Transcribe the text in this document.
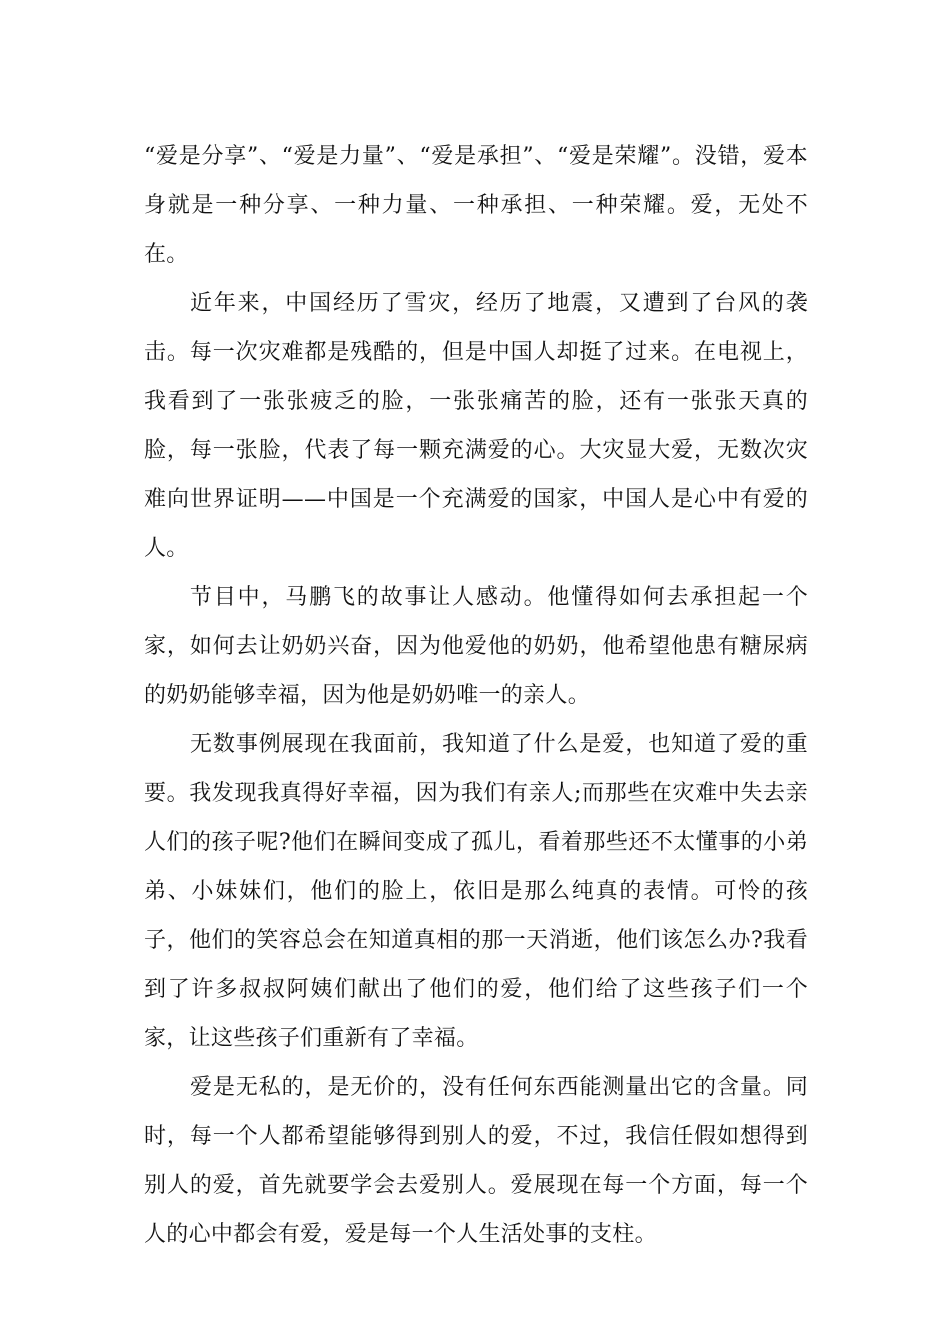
“爱是分享”、“爱是力量”、“爱是承担”、“爱是荣耀”。没错，爱本身就是一种分享、一种力量、一种承担、一种荣耀。爱，无处不在。

近年来，中国经历了雪灾，经历了地震，又遭到了台风的袭击。每一次灾难都是残酷的，但是中国人却挺了过来。在电视上，我看到了一张张疲乏的脸，一张张痛苦的脸，还有一张张天真的脸，每一张脸，代表了每一颗充满爱的心。大灾显大爱，无数次灾难向世界证明——中国是一个充满爱的国家，中国人是心中有爱的人。

节目中，马鹏飞的故事让人感动。他懂得如何去承担起一个家，如何去让奶奶兴奋，因为他爱他的奶奶，他希望他患有糖尿病的奶奶能够幸福，因为他是奶奶唯一的亲人。

无数事例展现在我面前，我知道了什么是爱，也知道了爱的重要。我发现我真得好幸福，因为我们有亲人;而那些在灾难中失去亲人们的孩子呢?他们在瞬间变成了孤儿，看着那些还不太懂事的小弟弟、小妹妹们，他们的脸上，依旧是那么纯真的表情。可怜的孩子，他们的笑容总会在知道真相的那一天消逝，他们该怎么办?我看到了许多叔叔阿姨们献出了他们的爱，他们给了这些孩子们一个家，让这些孩子们重新有了幸福。

爱是无私的，是无价的，没有任何东西能测量出它的含量。同时，每一个人都希望能够得到别人的爱，不过，我信任假如想得到别人的爱，首先就要学会去爱别人。爱展现在每一个方面，每一个人的心中都会有爱，爱是每一个人生活处事的支柱。
